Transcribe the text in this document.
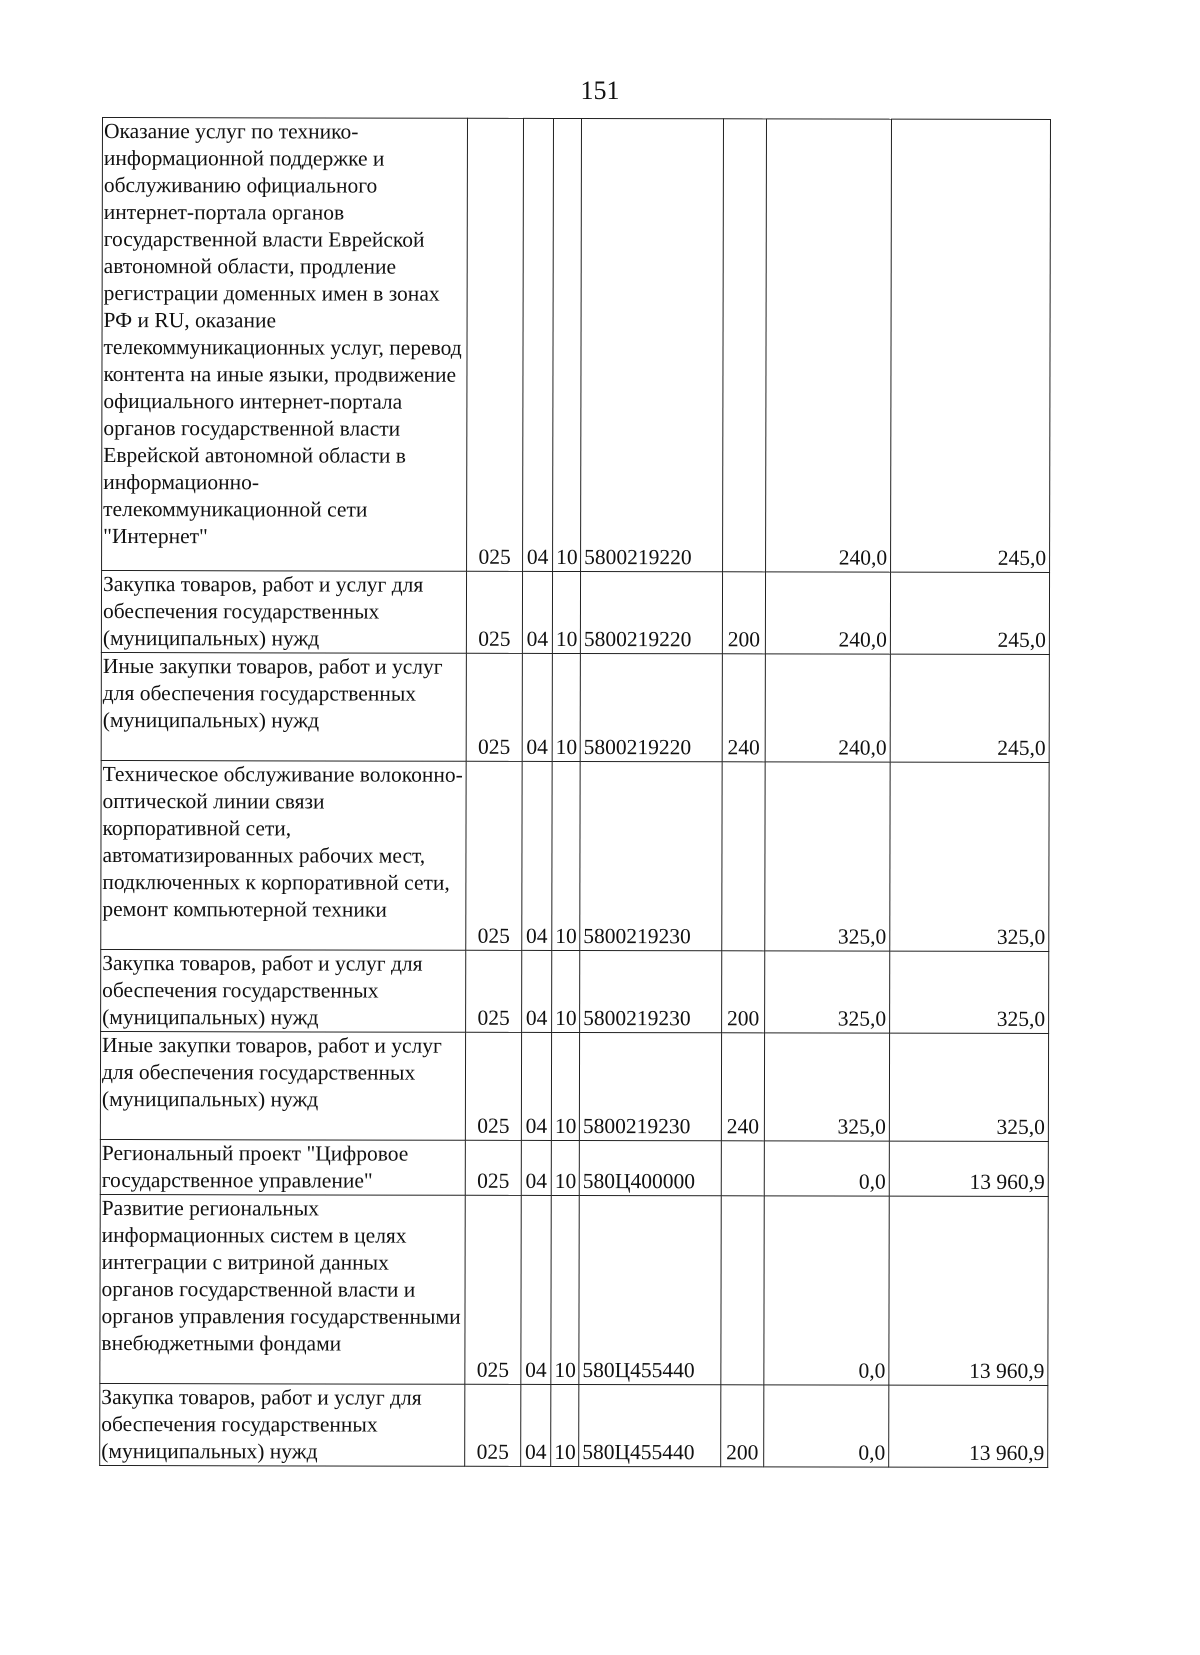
151
Оказание услуг по технико-информационной поддержке и обслуживанию официального интернет-портала органов государственной власти Еврейской автономной области, продление регистрации доменных имен в зонах РФ и RU, оказание телекоммуникационных услуг, перевод контента на иные языки, продвижение официального интернет-портала органов государственной власти Еврейской автономной области в информационно-телекоммуникационной сети "Интернет"	025	04	10	5800219220		240,0	245,0
Закупка товаров, работ и услуг для обеспечения государственных (муниципальных) нужд	025	04	10	5800219220	200	240,0	245,0
Иные закупки товаров, работ и услуг для обеспечения государственных (муниципальных) нужд	025	04	10	5800219220	240	240,0	245,0
Техническое обслуживание волоконно-оптической линии связи корпоративной сети, автоматизированных рабочих мест, подключенных к корпоративной сети, ремонт компьютерной техники	025	04	10	5800219230		325,0	325,0
Закупка товаров, работ и услуг для обеспечения государственных (муниципальных) нужд	025	04	10	5800219230	200	325,0	325,0
Иные закупки товаров, работ и услуг для обеспечения государственных (муниципальных) нужд	025	04	10	5800219230	240	325,0	325,0
Региональный проект "Цифровое государственное управление"	025	04	10	580Ц400000		0,0	13 960,9
Развитие региональных информационных систем в целях интеграции с витриной данных органов государственной власти и органов управления государственными внебюджетными фондами	025	04	10	580Ц455440		0,0	13 960,9
Закупка товаров, работ и услуг для обеспечения государственных (муниципальных) нужд	025	04	10	580Ц455440	200	0,0	13 960,9
